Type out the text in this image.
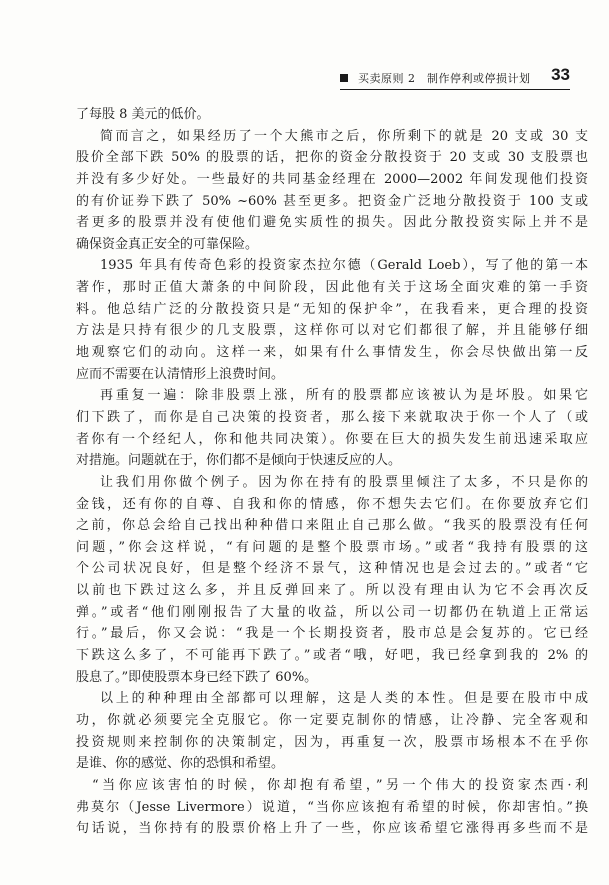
买卖原则 2　制作停利或停损计划 33
了每股 8 美元的低价。
简而言之，如果经历了一个大熊市之后，你所剩下的就是 20 支或 30 支
股价全部下跌 50% 的股票的话，把你的资金分散投资于 20 支或 30 支股票也
并没有多少好处。一些最好的共同基金经理在 2000—2002 年间发现他们投资
的有价证券下跌了 50% ~60% 甚至更多。把资金广泛地分散投资于 100 支或
者更多的股票并没有使他们避免实质性的损失。因此分散投资实际上并不是
确保资金真正安全的可靠保险。
1935 年具有传奇色彩的投资家杰拉尔德（Gerald Loeb），写了他的第一本
著作，那时正值大萧条的中间阶段，因此他有关于这场全面灾难的第一手资
料。他总结广泛的分散投资只是“无知的保护伞”，在我看来，更合理的投资
方法是只持有很少的几支股票，这样你可以对它们都很了解，并且能够仔细
地观察它们的动向。这样一来，如果有什么事情发生，你会尽快做出第一反
应而不需要在认清情形上浪费时间。
再重复一遍：除非股票上涨，所有的股票都应该被认为是坏股。如果它
们下跌了，而你是自己决策的投资者，那么接下来就取决于你一个人了（或
者你有一个经纪人，你和他共同决策）。你要在巨大的损失发生前迅速采取应
对措施。问题就在于，你们都不是倾向于快速反应的人。
让我们用你做个例子。因为你在持有的股票里倾注了太多，不只是你的
金钱，还有你的自尊、自我和你的情感，你不想失去它们。在你要放弃它们
之前，你总会给自己找出种种借口来阻止自己那么做。“我买的股票没有任何
问题，”你会这样说，“有问题的是整个股票市场。”或者“我持有股票的这
个公司状况良好，但是整个经济不景气，这种情况也是会过去的。”或者“它
以前也下跌过这么多，并且反弹回来了。所以没有理由认为它不会再次反
弹。”或者“他们刚刚报告了大量的收益，所以公司一切都仍在轨道上正常运
行。”最后，你又会说：“我是一个长期投资者，股市总是会复苏的。它已经
下跌这么多了，不可能再下跌了。”或者“哦，好吧，我已经拿到我的 2% 的
股息了。”即使股票本身已经下跌了 60%。
以上的种种理由全部都可以理解，这是人类的本性。但是要在股市中成
功，你就必须要完全克服它。你一定要克制你的情感，让冷静、完全客观和
投资规则来控制你的决策制定，因为，再重复一次，股票市场根本不在乎你
是谁、你的感觉、你的恐惧和希望。
“当你应该害怕的时候，你却抱有希望，”另一个伟大的投资家杰西·利
弗莫尔（Jesse Livermore）说道，“当你应该抱有希望的时候，你却害怕。”换
句话说，当你持有的股票价格上升了一些，你应该希望它涨得再多些而不是
